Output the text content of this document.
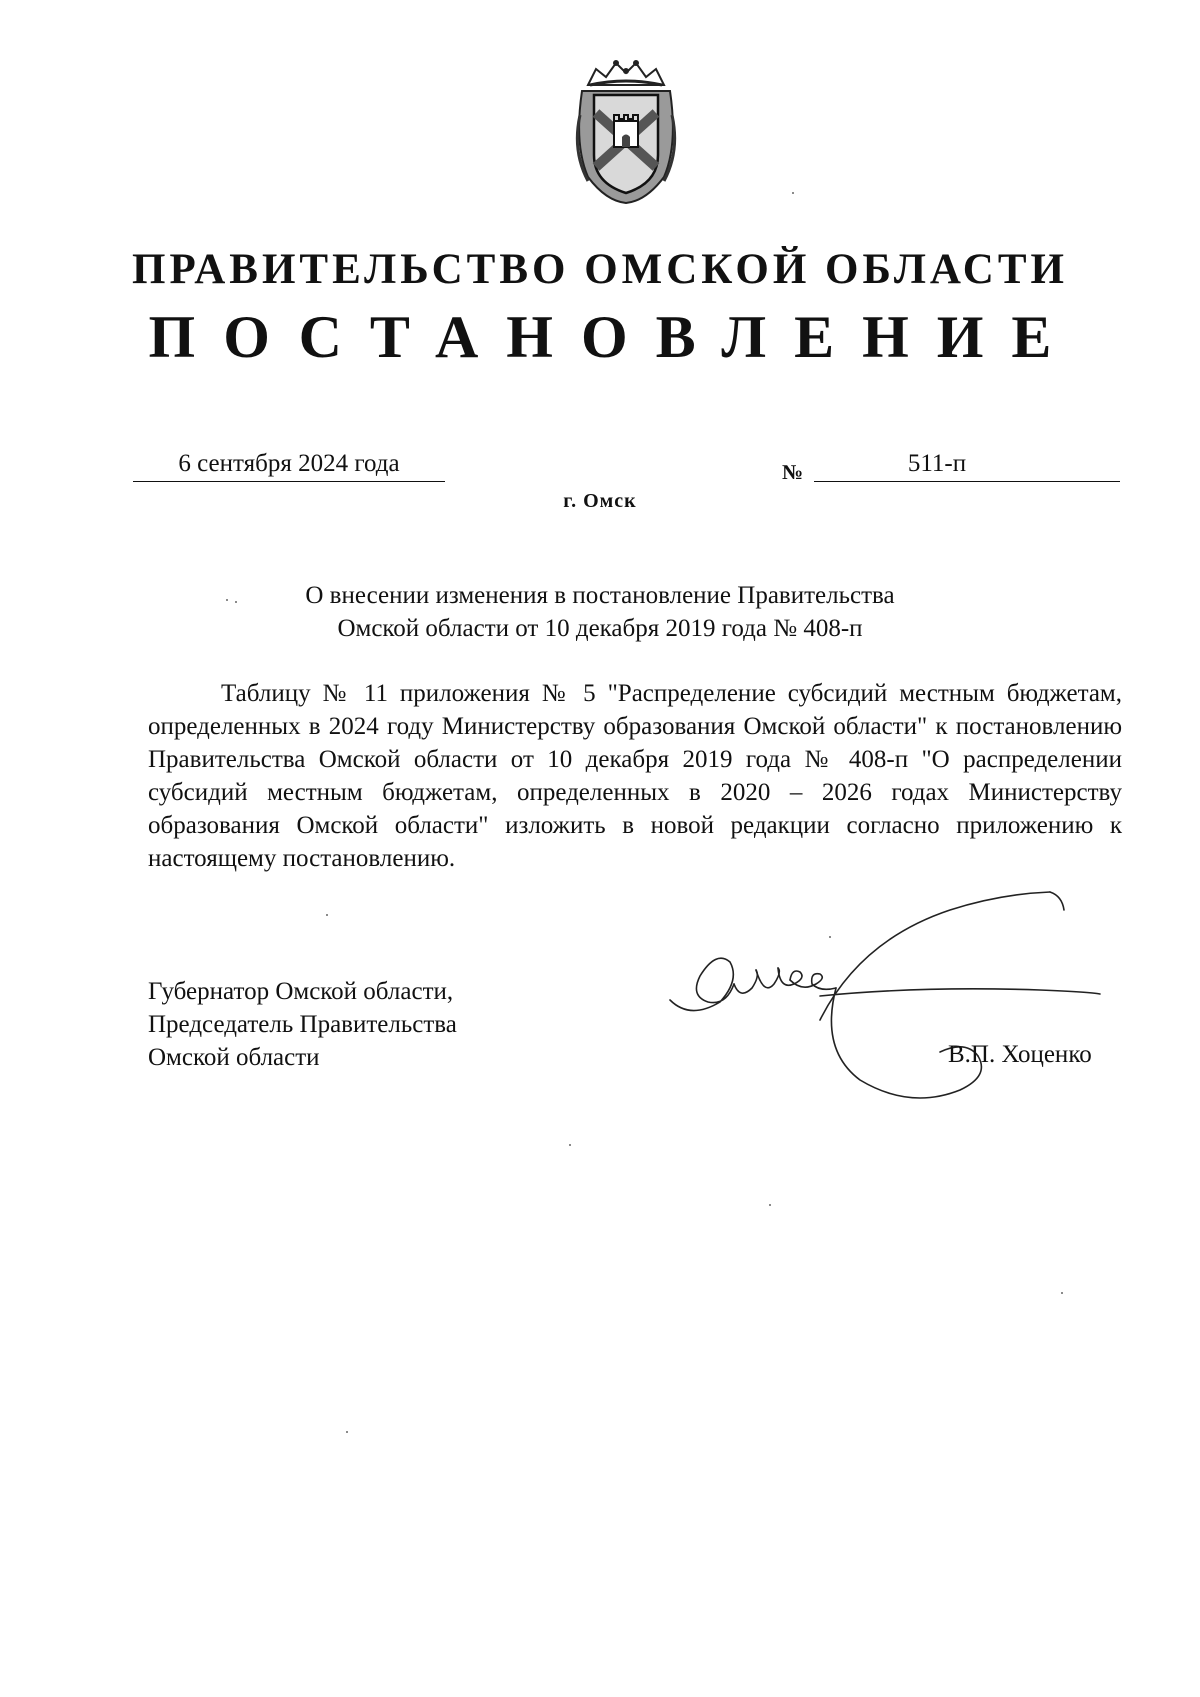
ПРАВИТЕЛЬСТВО ОМСКОЙ ОБЛАСТИ
ПОСТАНОВЛЕНИЕ
6 сентября 2024 года	№	511-п
г. Омск
О внесении изменения в постановление Правительства
Омской области от 10 декабря 2019 года № 408-п
Таблицу № 11 приложения № 5 "Распределение субсидий местным бюджетам, определенных в 2024 году Министерству образования Омской области" к постановлению Правительства Омской области от 10 декабря 2019 года № 408-п "О распределении субсидий местным бюджетам, определенных в 2020 – 2026 годах Министерству образования Омской области" изложить в новой редакции согласно приложению к настоящему постановлению.
Губернатор Омской области,
Председатель Правительства
Омской области	В.П. Хоценко
